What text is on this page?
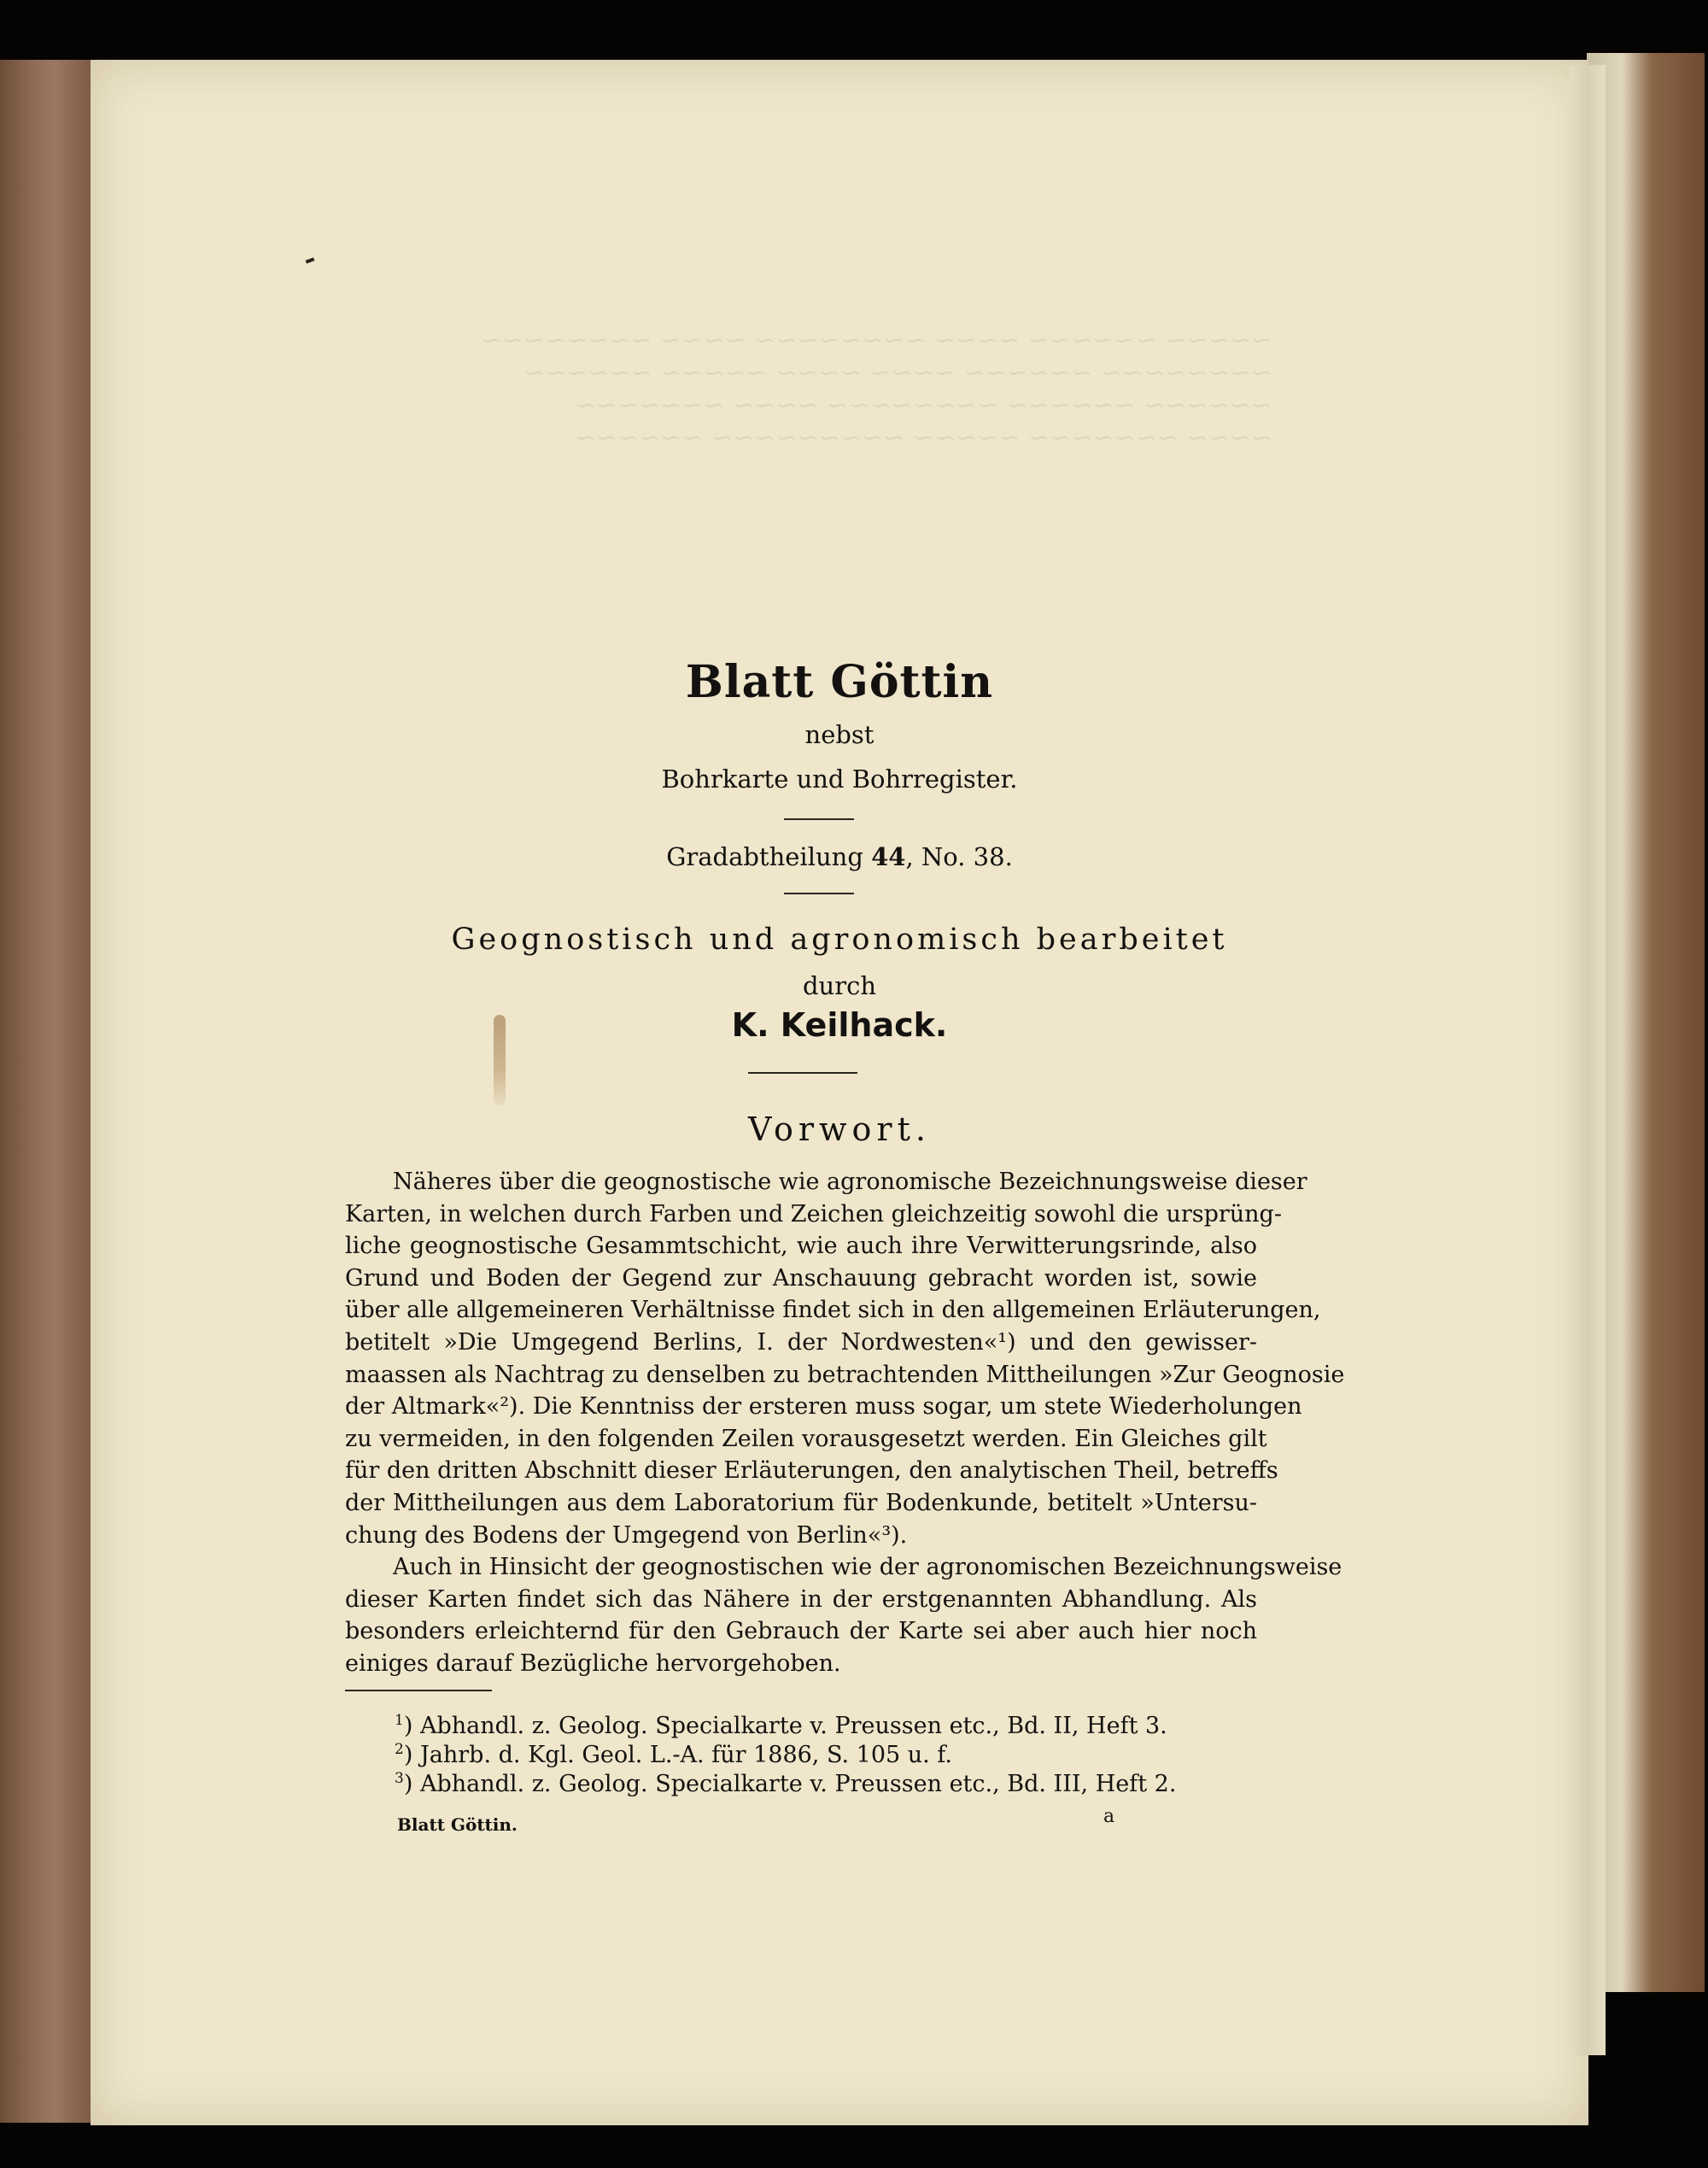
~~~~~ ~~~~~~ ~~~~ ~~~~~~~~ ~~~~ ~~~~~~~~
~~~~~~~~ ~~~~~~ ~~~~ ~~~~ ~~~~~ ~~~~~~
~~~~~~ ~~~~~~ ~~~~~~~~ ~~~~ ~~~~~~~
~~~~ ~~~~~~~ ~~~~~ ~~~~~~~~~ ~~~~~~
Blatt Göttin
nebst
Bohrkarte und Bohrregister.
Gradabtheilung 44, No. 38.
Geognostisch und agronomisch bearbeitet
durch
K. Keilhack.
Vorwort.
Näheres über die geognostische wie agronomische Bezeichnungsweise dieser
Karten, in welchen durch Farben und Zeichen gleichzeitig sowohl die ursprüng-
liche geognostische Gesammtschicht, wie auch ihre Verwitterungsrinde, also
Grund und Boden der Gegend zur Anschauung gebracht worden ist, sowie
über alle allgemeineren Verhältnisse findet sich in den allgemeinen Erläuterungen,
betitelt »Die Umgegend Berlins, I. der Nordwesten«¹) und den gewisser-
maassen als Nachtrag zu denselben zu betrachtenden Mittheilungen »Zur Geognosie
der Altmark«²). Die Kenntniss der ersteren muss sogar, um stete Wiederholungen
zu vermeiden, in den folgenden Zeilen vorausgesetzt werden. Ein Gleiches gilt
für den dritten Abschnitt dieser Erläuterungen, den analytischen Theil, betreffs
der Mittheilungen aus dem Laboratorium für Bodenkunde, betitelt »Untersu-
chung des Bodens der Umgegend von Berlin«³).
Auch in Hinsicht der geognostischen wie der agronomischen Bezeichnungsweise
dieser Karten findet sich das Nähere in der erstgenannten Abhandlung. Als
besonders erleichternd für den Gebrauch der Karte sei aber auch hier noch
einiges darauf Bezügliche hervorgehoben.
$^1$) Abhandl. z. Geolog. Specialkarte v. Preussen etc., Bd. II, Heft 3.
$^2$) Jahrb. d. Kgl. Geol. L.-A. für 1886, S. 105 u. f.
$^3$) Abhandl. z. Geolog. Specialkarte v. Preussen etc., Bd. III, Heft 2.
Blatt Göttin.	a
